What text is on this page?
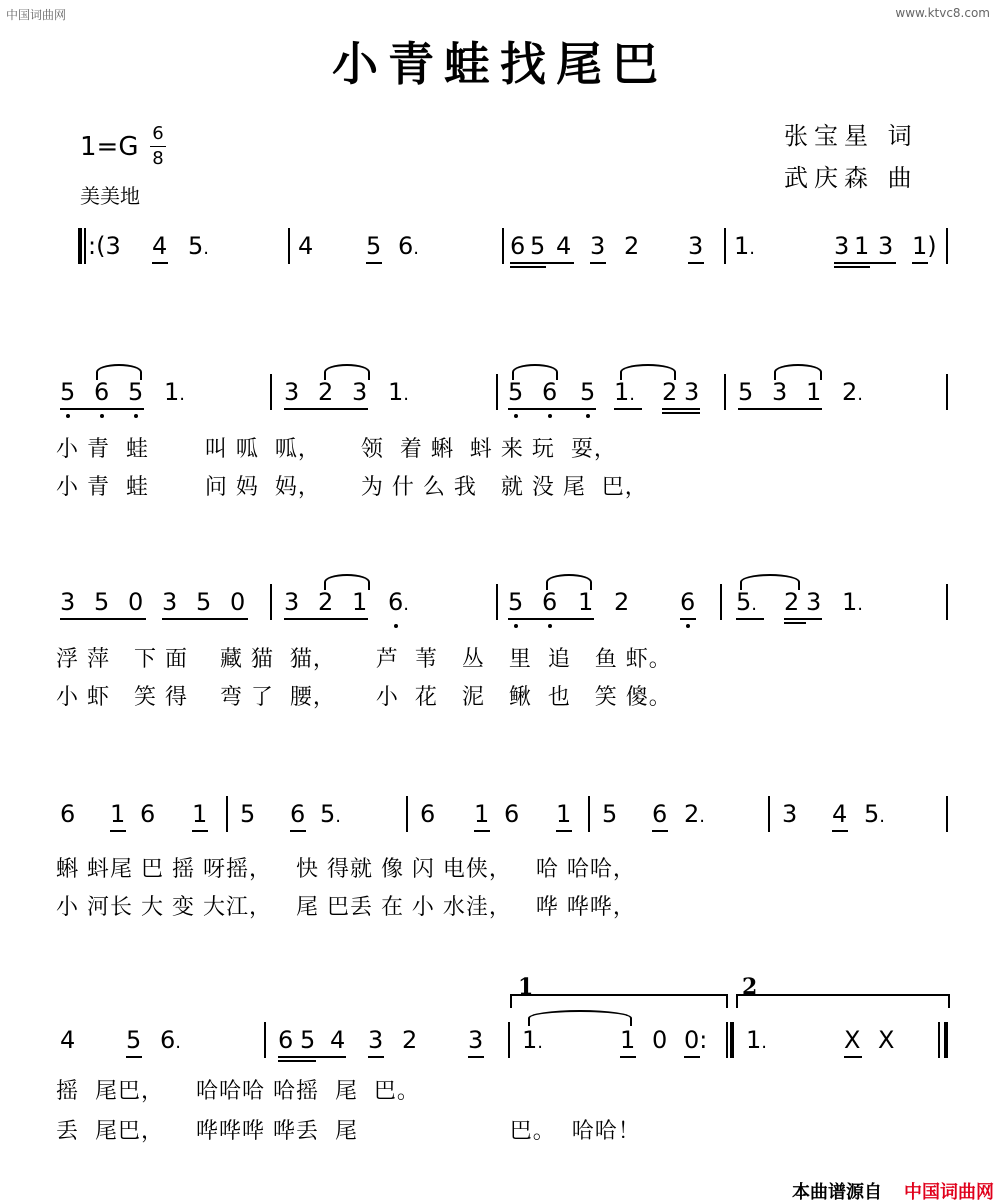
中国词曲网	www.ktvc8.com
小青蛙找尾巴
1=G 6
8
美美地
张宝星 词
武庆森 曲
:(3 4 5.	4 5 6.	6 5 4 3 2 3 1.	3 1 3 1)
5 6 5 1.	3 2 3 1.	5 6 5 1. 2 3 5 3 1 2.
小 青  蛙       叫 呱  呱，     领  着 蝌  蚪 来 玩  耍，
小 青  蛙       问 妈  妈，     为 什 么 我   就 没 尾  巴，
3 5 0 3 5 0 3 2 1 6.	5 6 1 2 6 5. 2 3 1.
浮 萍   下 面    藏 猫  猫，     芦  苇   丛   里  追   鱼 虾。
小 虾   笑 得    弯 了  腰，     小  花   泥   鳅  也   笑 傻。
6 1 6 1 5 6 5.	6 1 6 1 5 6 2.	3 4 5.
蝌 蚪尾 巴 摇 呀摇，   快 得就 像 闪 电侠，   哈 哈哈，
小 河长 大 变 大江，   尾 巴丢 在 小 水洼，   哗 哗哗，
1	2
4 5 6.	6 5 4 3 2 3 1.	1 0 0: 1.	X X
摇  尾巴，    哈哈哈 哈摇  尾  巴。
丢  尾巴，    哗哗哗 哗丢  尾                   巴。  哈哈！
本曲谱源自 中国词曲网
